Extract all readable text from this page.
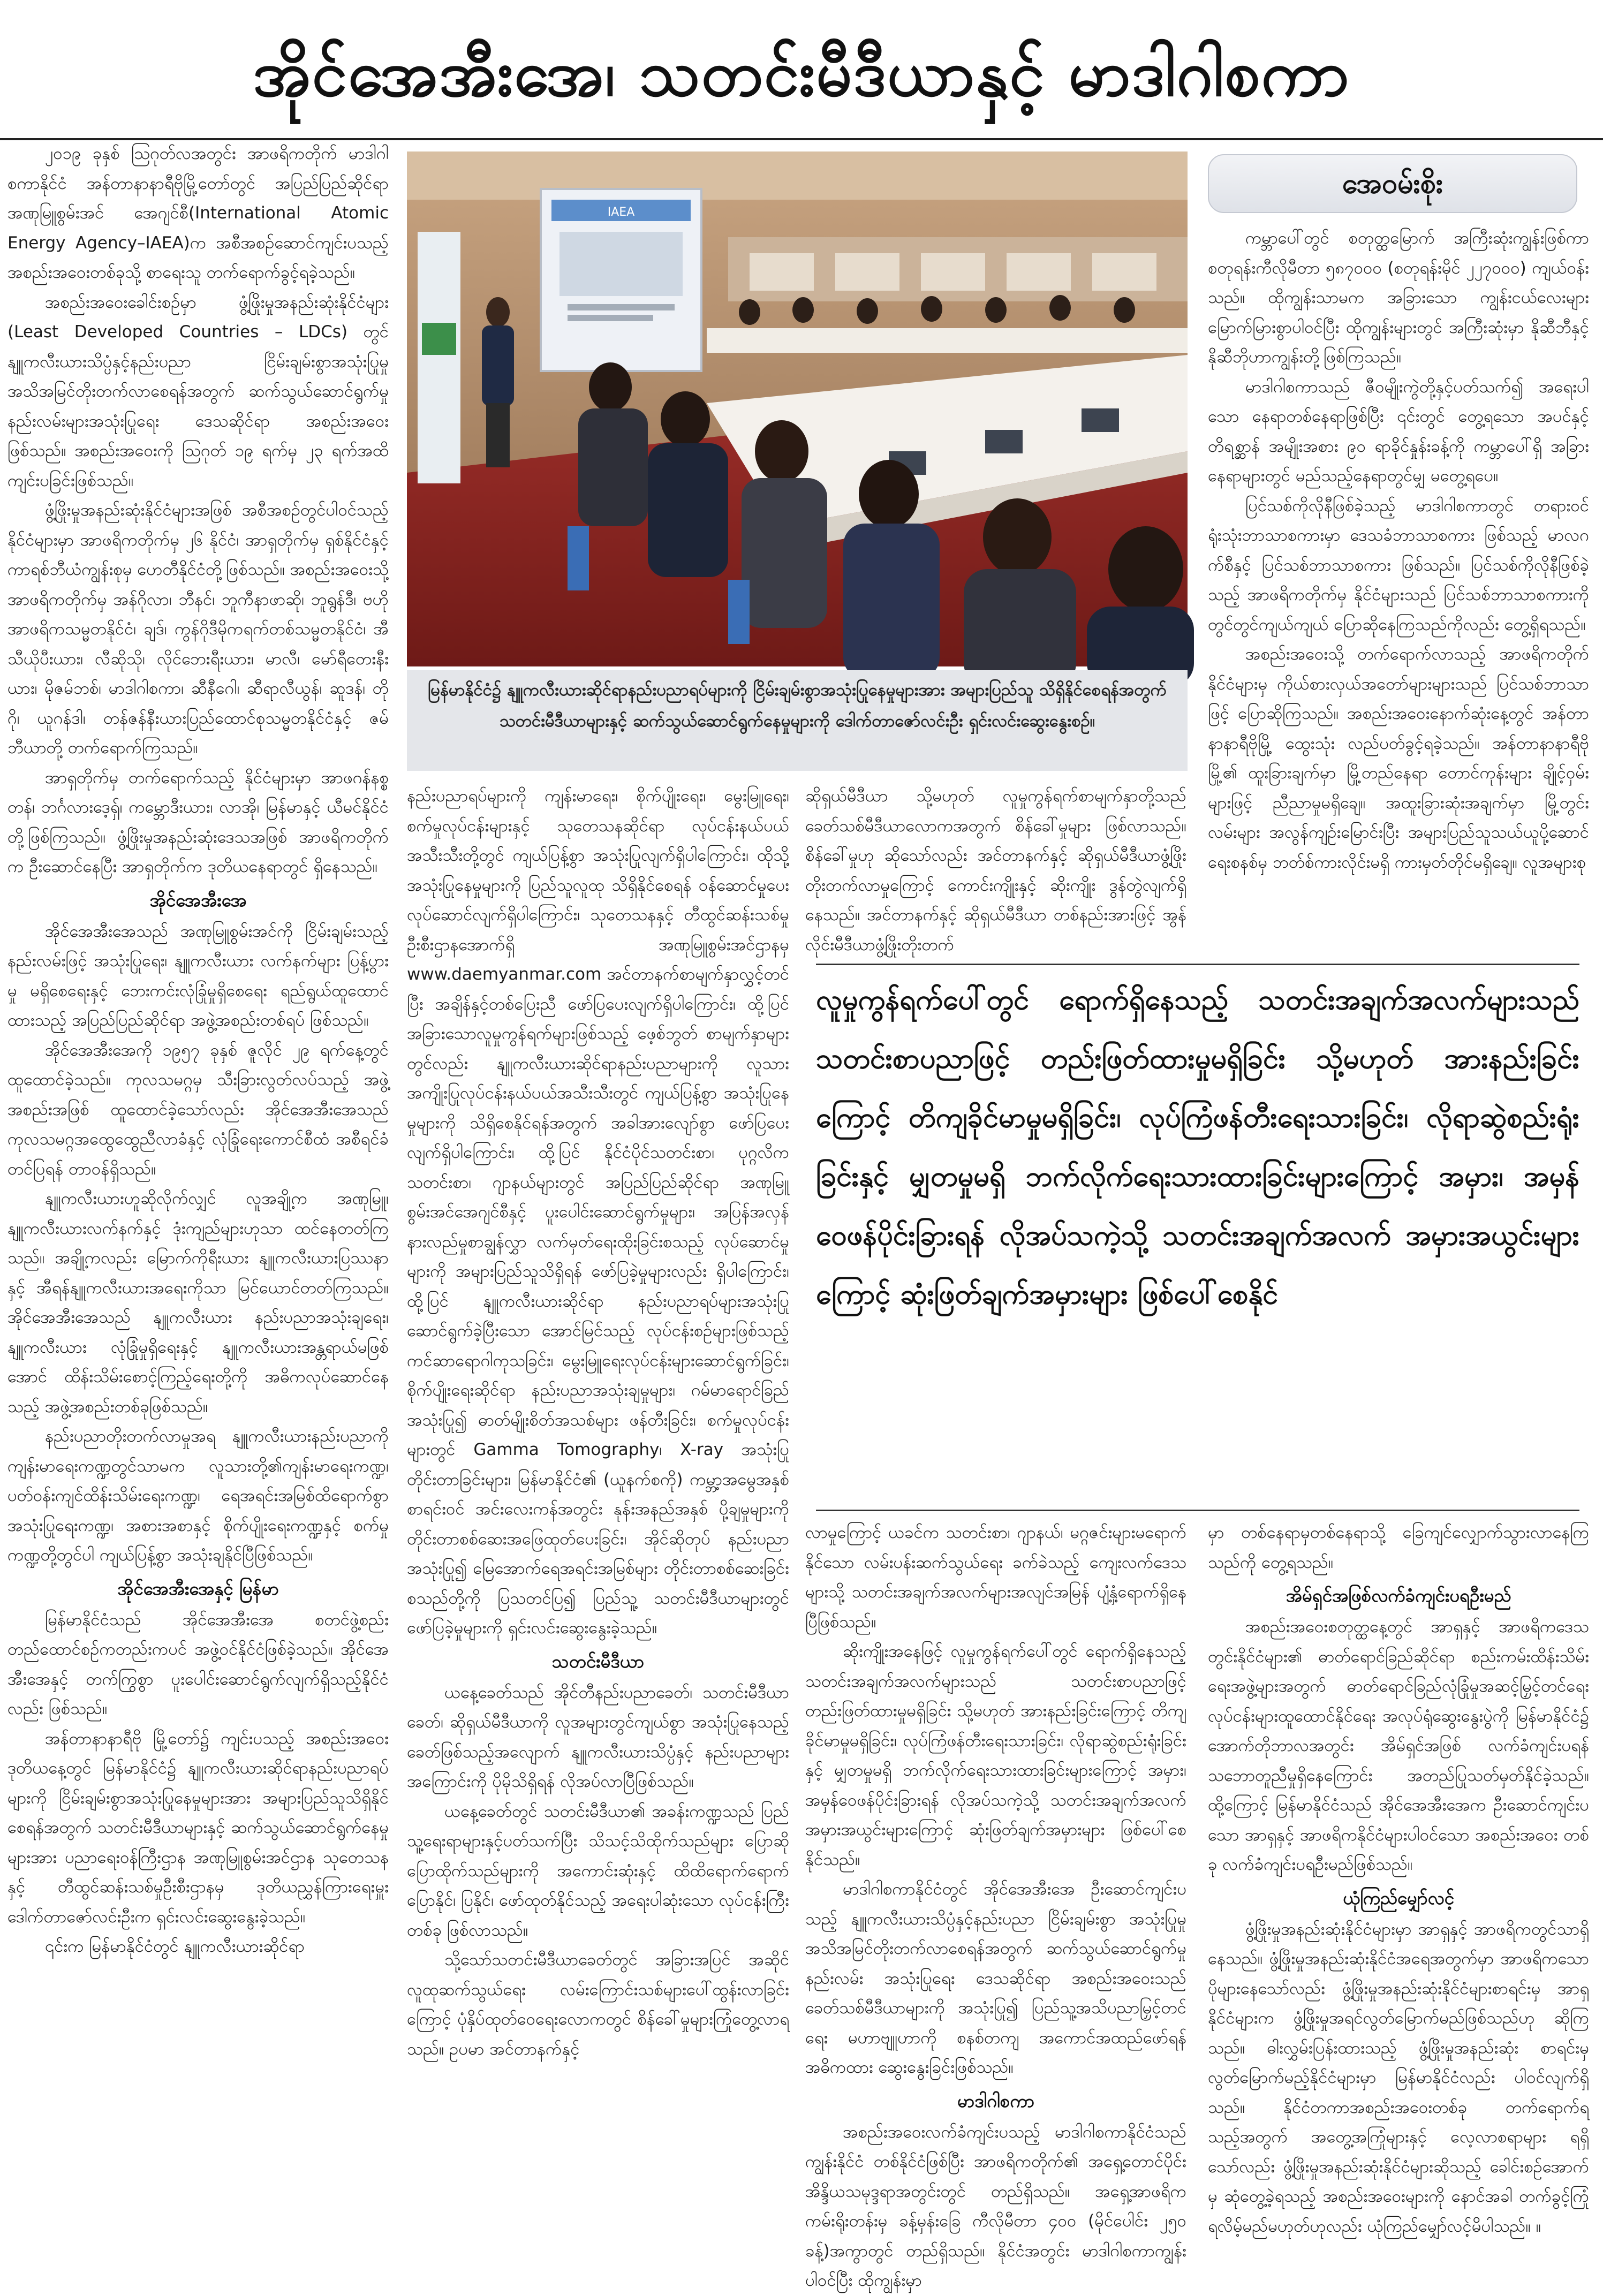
အိုင်အေအီးအေ၊ သတင်းမီဒီယာနှင့် မာဒါဂါစကာ

၂၀၁၉ ခုနှစ် ဩဂုတ်လအတွင်း အာဖရိကတိုက် မာဒါဂါစကာနိုင်ငံ အန်တာနာနာရီဗိုမြို့တော်တွင် အပြည်ပြည်ဆိုင်ရာ အဏုမြူစွမ်းအင် အေဂျင်စီ(International Atomic Energy Agency–IAEA)က အစီအစဉ်ဆောင်ကျင်းပသည့် အစည်းအဝေးတစ်ခုသို့ စာရေးသူ တက်ရောက်ခွင့်ရခဲ့သည်။

အစည်းအဝေးခေါင်းစဉ်မှာ ဖွံ့ဖြိုးမှုအနည်းဆုံးနိုင်ငံများ (Least Developed Countries – LDCs) တွင် နျူကလီးယားသိပ္ပံနှင့်နည်းပညာ ငြိမ်းချမ်းစွာအသုံးပြုမှု အသိအမြင်တိုးတက်လာစေရန်အတွက် ဆက်သွယ်ဆောင်ရွက်မှုနည်းလမ်းများအသုံးပြုရေး ဒေသဆိုင်ရာ အစည်းအဝေး ဖြစ်သည်။ အစည်းအဝေးကို ဩဂုတ် ၁၉ ရက်မှ ၂၃ ရက်အထိ ကျင်းပခြင်းဖြစ်သည်။

ဖွံ့ဖြိုးမှုအနည်းဆုံးနိုင်ငံများအဖြစ် အစီအစဉ်တွင်ပါဝင်သည့် နိုင်ငံများမှာ အာဖရိကတိုက်မှ ၂၆ နိုင်ငံ၊ အာရှတိုက်မှ ရှစ်နိုင်ငံနှင့် ကာရစ်ဘီယံကျွန်းစုမှ ဟေတီနိုင်ငံတို့ဖြစ်သည်။ အစည်းအဝေးသို့ အာဖရိကတိုက်မှ အန်ဂိုလာ၊ ဘီနင်၊ ဘူကီနာဖာဆို၊ ဘူရွန်ဒီ၊ ဗဟိုအာဖရိကသမ္မတနိုင်ငံ၊ ချဒ်၊ ကွန်ဂိုဒီမိုကရက်တစ်သမ္မတနိုင်ငံ၊ အီသီယိုပီးယား၊ လီဆိုသို၊ လိုင်ဘေးရီးယား၊ မာလီ၊ မော်ရီတေးနီးယား၊ မိုဇမ်ဘစ်၊ မာဒါဂါစကာ၊ ဆီနီဂေါ၊ ဆီရာလီယွန်၊ ဆူဒန်၊ တိုဂို၊ ယူဂန်ဒါ၊ တန်ဇန်နီးယားပြည်ထောင်စုသမ္မတနိုင်ငံနှင့် ဇမ်ဘီယာတို့ တက်ရောက်ကြသည်။

အာရှတိုက်မှ တက်ရောက်သည့် နိုင်ငံများမှာ အာဖဂန်နစ္စတန်၊ ဘင်္ဂလားဒေ့ရှ်၊ ကမ္ဘောဒီးယား၊ လာအို၊ မြန်မာနှင့် ယီမင်နိုင်ငံတို့ဖြစ်ကြသည်။ ဖွံ့ဖြိုးမှုအနည်းဆုံးဒေသအဖြစ် အာဖရိကတိုက်က ဦးဆောင်နေပြီး အာရှတိုက်က ဒုတိယနေရာတွင် ရှိနေသည်။

အိုင်အေအီးအေ

အိုင်အေအီးအေသည် အဏုမြူစွမ်းအင်ကို ငြိမ်းချမ်းသည့် နည်းလမ်းဖြင့် အသုံးပြုရေး၊ နျူကလီးယား လက်နက်များ ပြန့်ပွားမှု မရှိစေရေးနှင့် ဘေးကင်းလုံခြုံမှုရှိစေရေး ရည်ရွယ်ထူထောင်ထားသည့် အပြည်ပြည်ဆိုင်ရာ အဖွဲ့အစည်းတစ်ရပ် ဖြစ်သည်။

အိုင်အေအီးအေကို ၁၉၅၇ ခုနှစ် ဇူလိုင် ၂၉ ရက်နေ့တွင် ထူထောင်ခဲ့သည်။ ကုလသမဂ္ဂမှ သီးခြားလွတ်လပ်သည့် အဖွဲ့အစည်းအဖြစ် ထူထောင်ခဲ့သော်လည်း အိုင်အေအီးအေသည် ကုလသမဂ္ဂအထွေထွေညီလာခံနှင့် လုံခြုံရေးကောင်စီထံ အစီရင်ခံတင်ပြရန် တာဝန်ရှိသည်။

နျူကလီးယားဟူဆိုလိုက်လျှင် လူအချို့က အဏုမြူ၊ နျူကလီးယားလက်နက်နှင့် ဒုံးကျည်များဟုသာ ထင်နေတတ်ကြသည်။ အချို့ကလည်း မြောက်ကိုရီးယား နျူကလီးယားပြဿနာနှင့် အီရန်နျူကလီးယားအရေးကိုသာ မြင်ယောင်တတ်ကြသည်။ အိုင်အေအီးအေသည် နျူကလီးယား နည်းပညာအသုံးချရေး၊ နျူကလီးယား လုံခြုံမှုရှိရေးနှင့် နျူကလီးယားအန္တရာယ်မဖြစ်အောင် ထိန်းသိမ်းစောင့်ကြည့်ရေးတို့ကို အဓိကလုပ်ဆောင်နေသည့် အဖွဲ့အစည်းတစ်ခုဖြစ်သည်။

နည်းပညာတိုးတက်လာမှုအရ နျူကလီးယားနည်းပညာကို ကျန်းမာရေးကဏ္ဍတွင်သာမက လူသားတို့၏ကျန်းမာရေးကဏ္ဍ၊ ပတ်ဝန်းကျင်ထိန်းသိမ်းရေးကဏ္ဍ၊ ရေအရင်းအမြစ်ထိရောက်စွာ အသုံးပြုရေးကဏ္ဍ၊ အစားအစာနှင့် စိုက်ပျိုးရေးကဏ္ဍနှင့် စက်မှုကဏ္ဍတို့တွင်ပါ ကျယ်ပြန့်စွာ အသုံးချနိုင်ပြီဖြစ်သည်။

အိုင်အေအီးအေနှင့် မြန်မာ

မြန်မာနိုင်ငံသည် အိုင်အေအီးအေ စတင်ဖွဲ့စည်းတည်ထောင်စဉ်ကတည်းကပင် အဖွဲ့ဝင်နိုင်ငံဖြစ်ခဲ့သည်။ အိုင်အေအီးအေနှင့် တက်ကြွစွာ ပူးပေါင်းဆောင်ရွက်လျက်ရှိသည့်နိုင်ငံလည်း ဖြစ်သည်။

အန်တာနာနာရီဗို မြို့တော်၌ ကျင်းပသည့် အစည်းအဝေးဒုတိယနေ့တွင် မြန်မာနိုင်ငံ၌ နျူကလီးယားဆိုင်ရာနည်းပညာရပ်များကို ငြိမ်းချမ်းစွာအသုံးပြုနေမှုများအား အများပြည်သူသိရှိနိုင်စေရန်အတွက် သတင်းမီဒီယာများနှင့် ဆက်သွယ်ဆောင်ရွက်နေမှုများအား ပညာရေးဝန်ကြီးဌာန အဏုမြူစွမ်းအင်ဌာန သုတေသနနှင့် တီထွင်ဆန်းသစ်မှုဦးစီးဌာနမှ ဒုတိယညွှန်ကြားရေးမှူး ဒေါက်တာဇော်လင်းဦးက ရှင်းလင်းဆွေးနွေးခဲ့သည်။

၎င်းက မြန်မာနိုင်ငံတွင် နျူကလီးယားဆိုင်ရာ

IAEA
မြန်မာနိုင်ငံ၌ နျူကလီးယားဆိုင်ရာနည်းပညာရပ်များကို ငြိမ်းချမ်းစွာအသုံးပြုနေမှုများအား အများပြည်သူ သိရှိနိုင်စေရန်အတွက် သတင်းမီဒီယာများနှင့် ဆက်သွယ်ဆောင်ရွက်နေမှုများကို ဒေါက်တာဇော်လင်းဦး ရှင်းလင်းဆွေးနွေးစဉ်။
အေဝမ်းစိုး

နည်းပညာရပ်များကို ကျန်းမာရေး၊ စိုက်ပျိုးရေး၊ မွေးမြူရေး၊ စက်မှုလုပ်ငန်းများနှင့် သုတေသနဆိုင်ရာ လုပ်ငန်းနယ်ပယ်အသီးသီးတို့တွင် ကျယ်ပြန့်စွာ အသုံးပြုလျက်ရှိပါကြောင်း၊ ထိုသို့အသုံးပြုနေမှုများကို ပြည်သူလူထု သိရှိနိုင်စေရန် ဝန်ဆောင်မှုပေးလုပ်ဆောင်လျက်ရှိပါကြောင်း၊ သုတေသနနှင့် တီထွင်ဆန်းသစ်မှု ဦးစီးဌာနအောက်ရှိ အဏုမြူစွမ်းအင်ဌာနမှ www.daemyanmar.com အင်တာနက်စာမျက်နှာလွှင့်တင်ပြီး အချိန်နှင့်တစ်ပြေးညီ ဖော်ပြပေးလျက်ရှိပါကြောင်း၊ ထို့ပြင် အခြားသောလူမှုကွန်ရက်များဖြစ်သည့် ဖေ့စ်ဘွတ် စာမျက်နှာများတွင်လည်း နျူကလီးယားဆိုင်ရာနည်းပညာများကို လူသားအကျိုးပြုလုပ်ငန်းနယ်ပယ်အသီးသီးတွင် ကျယ်ပြန့်စွာ အသုံးပြုနေမှုများကို သိရှိစေနိုင်ရန်အတွက် အခါအားလျော်စွာ ဖော်ပြပေးလျက်ရှိပါကြောင်း၊ ထို့ပြင် နိုင်ငံပိုင်သတင်းစာ၊ ပုဂ္ဂလိက သတင်းစာ၊ ဂျာနယ်များတွင် အပြည်ပြည်ဆိုင်ရာ အဏုမြူစွမ်းအင်အေဂျင်စီနှင့် ပူးပေါင်းဆောင်ရွက်မှုများ၊ အပြန်အလှန်နားလည်မှုစာချွန်လွှာ လက်မှတ်ရေးထိုးခြင်းစသည့် လုပ်ဆောင်မှုများကို အများပြည်သူသိရှိရန် ဖော်ပြခဲ့မှုများလည်း ရှိပါကြောင်း၊ ထို့ပြင် နျူကလီးယားဆိုင်ရာ နည်းပညာရပ်များအသုံးပြုဆောင်ရွက်ခဲ့ပြီးသော အောင်မြင်သည့် လုပ်ငန်းစဉ်များဖြစ်သည့် ကင်ဆာရောဂါကုသခြင်း၊ မွေးမြူရေးလုပ်ငန်းများဆောင်ရွက်ခြင်း၊ စိုက်ပျိုးရေးဆိုင်ရာ နည်းပညာအသုံးချမှုများ၊ ဂမ်မာရောင်ခြည်အသုံးပြု၍ ဓာတ်မျိုးစိတ်အသစ်များ ဖန်တီးခြင်း၊ စက်မှုလုပ်ငန်းများတွင် Gamma Tomography၊ X-ray အသုံးပြုတိုင်းတာခြင်းများ၊ မြန်မာနိုင်ငံ၏ (ယူနက်စကို) ကမ္ဘာ့အမွေအနှစ်စာရင်းဝင် အင်းလေးကန်အတွင်း နုန်းအနည်အနှစ် ပို့ချမှုများကို တိုင်းတာစစ်ဆေးအဖြေထုတ်ပေးခြင်း၊ အိုင်ဆိုတုပ် နည်းပညာအသုံးပြု၍ မြေအောက်ရေအရင်းအမြစ်များ တိုင်းတာစစ်ဆေးခြင်း စသည်တို့ကို ပြသတင်ပြ၍ ပြည်သူ့ သတင်းမီဒီယာများတွင် ဖော်ပြခဲ့မှုများကို ရှင်းလင်းဆွေးနွေးခဲ့သည်။

သတင်းမီဒီယာ

ယနေ့ခေတ်သည် အိုင်တီနည်းပညာခေတ်၊ သတင်းမီဒီယာခေတ်၊ ဆိုရှယ်မီဒီယာကို လူအများတွင်ကျယ်စွာ အသုံးပြုနေသည့် ခေတ်ဖြစ်သည့်အလျောက် နျူကလီးယားသိပ္ပံနှင့် နည်းပညာများအကြောင်းကို ပိုမိုသိရှိရန် လိုအပ်လာပြီဖြစ်သည်။

ယနေ့ခေတ်တွင် သတင်းမီဒီယာ၏ အခန်းကဏ္ဍသည် ပြည်သူ့ရေးရာများနှင့်ပတ်သက်ပြီး သိသင့်သိထိုက်သည်များ ပြောဆိုပြောထိုက်သည်များကို အကောင်းဆုံးနှင့် ထိထိရောက်ရောက်ပြောနိုင်၊ ပြနိုင်၊ ဖော်ထုတ်နိုင်သည့် အရေးပါဆုံးသော လုပ်ငန်းကြီးတစ်ခု ဖြစ်လာသည်။

သို့သော်သတင်းမီဒီယာခေတ်တွင် အခြားအပြင် အဆိုင် လူထုဆက်သွယ်ရေး လမ်းကြောင်းသစ်များပေါ်ထွန်းလာခြင်းကြောင့် ပုံနှိပ်ထုတ်ဝေရေးလောကတွင် စိန်ခေါ်မှုများကြုံတွေ့လာရသည်။ ဥပမာ အင်တာနက်နှင့်

ဆိုရှယ်မီဒီယာ သို့မဟုတ် လူမှုကွန်ရက်စာမျက်နှာတို့သည် ခေတ်သစ်မီဒီယာလောကအတွက် စိန်ခေါ်မှုများ ဖြစ်လာသည်။ စိန်ခေါ်မှုဟု ဆိုသော်လည်း အင်တာနက်နှင့် ဆိုရှယ်မီဒီယာဖွံ့ဖြိုးတိုးတက်လာမှုကြောင့် ကောင်းကျိုးနှင့် ဆိုးကျိုး ဒွန်တွဲလျက်ရှိနေသည်။ အင်တာနက်နှင့် ဆိုရှယ်မီဒီယာ တစ်နည်းအားဖြင့် အွန်လိုင်းမီဒီယာဖွံ့ဖြိုးတိုးတက်

လူမှုကွန်ရက်ပေါ်တွင် ရောက်ရှိနေသည့် သတင်းအချက်အလက်များသည် သတင်းစာပညာဖြင့် တည်းဖြတ်ထားမှုမရှိခြင်း သို့မဟုတ် အားနည်းခြင်းကြောင့် တိကျခိုင်မာမှုမရှိခြင်း၊ လုပ်ကြံဖန်တီးရေးသားခြင်း၊ လိုရာဆွဲစည်းရုံးခြင်းနှင့် မျှတမှုမရှိ ဘက်လိုက်ရေးသားထားခြင်းများကြောင့် အမှား၊ အမှန်ဝေဖန်ပိုင်းခြားရန် လိုအပ်သကဲ့သို့ သတင်းအချက်အလက် အမှားအယွင်းများကြောင့် ဆုံးဖြတ်ချက်အမှားများ ဖြစ်ပေါ်စေနိုင်

လာမှုကြောင့် ယခင်က သတင်းစာ၊ ဂျာနယ်၊ မဂ္ဂဇင်းများမရောက်နိုင်သော လမ်းပန်းဆက်သွယ်ရေး ခက်ခဲသည့် ကျေးလက်ဒေသများသို့ သတင်းအချက်အလက်များအလျင်အမြန် ပျံ့နှံ့ရောက်ရှိနေပြီဖြစ်သည်။

ဆိုးကျိုးအနေဖြင့် လူမှုကွန်ရက်ပေါ်တွင် ရောက်ရှိနေသည့် သတင်းအချက်အလက်များသည် သတင်းစာပညာဖြင့် တည်းဖြတ်ထားမှုမရှိခြင်း သို့မဟုတ် အားနည်းခြင်းကြောင့် တိကျခိုင်မာမှုမရှိခြင်း၊ လုပ်ကြံဖန်တီးရေးသားခြင်း၊ လိုရာဆွဲစည်းရုံးခြင်းနှင့် မျှတမှုမရှိ ဘက်လိုက်ရေးသားထားခြင်းများကြောင့် အမှား၊ အမှန်ဝေဖန်ပိုင်းခြားရန် လိုအပ်သကဲ့သို့ သတင်းအချက်အလက် အမှားအယွင်းများကြောင့် ဆုံးဖြတ်ချက်အမှားများ ဖြစ်ပေါ်စေနိုင်သည်။

မာဒါဂါစကာနိုင်ငံတွင် အိုင်အေအီးအေ ဦးဆောင်ကျင်းပသည့် နျူကလီးယားသိပ္ပံနှင့်နည်းပညာ ငြိမ်းချမ်းစွာ အသုံးပြုမှု အသိအမြင်တိုးတက်လာစေရန်အတွက် ဆက်သွယ်ဆောင်ရွက်မှုနည်းလမ်း အသုံးပြုရေး ဒေသဆိုင်ရာ အစည်းအဝေးသည် ခေတ်သစ်မီဒီယာများကို အသုံးပြု၍ ပြည်သူ့အသိပညာမြှင့်တင်ရေး မဟာဗျူဟာကို စနစ်တကျ အကောင်အထည်ဖော်ရန် အဓိကထား ဆွေးနွေးခြင်းဖြစ်သည်။

မာဒါဂါစကာ

အစည်းအဝေးလက်ခံကျင်းပသည့် မာဒါဂါစကာနိုင်ငံသည် ကျွန်းနိုင်ငံ တစ်နိုင်ငံဖြစ်ပြီး အာဖရိကတိုက်၏ အရှေ့တောင်ပိုင်း အိန္ဒိယသမုဒ္ဒရာအတွင်းတွင် တည်ရှိသည်။ အရှေ့အာဖရိကကမ်းရိုးတန်းမှ ခန့်မှန်းခြေ ကီလိုမီတာ ၄၀၀ (မိုင်ပေါင်း ၂၅၀ ခန့်)အကွာတွင် တည်ရှိသည်။ နိုင်ငံအတွင်း မာဒါဂါစကာကျွန်းပါဝင်ပြီး ထိုကျွန်းမှာ

ကမ္ဘာပေါ်တွင် စတုတ္ထမြောက် အကြီးဆုံးကျွန်းဖြစ်ကာ စတုရန်းကီလိုမီတာ ၅၈၇၀၀၀ (စတုရန်းမိုင် ၂၂၇၀၀၀) ကျယ်ဝန်းသည်။ ထိုကျွန်းသာမက အခြားသော ကျွန်းငယ်လေးများ မြောက်မြားစွာပါဝင်ပြီး ထိုကျွန်းများတွင် အကြီးဆုံးမှာ နိုဆီဘီနှင့် နိုဆီဘိုဟာကျွန်းတို့ဖြစ်ကြသည်။

မာဒါဂါစကာသည် ဇီဝမျိုးကွဲတို့နှင့်ပတ်သက်၍ အရေးပါသော နေရာတစ်နေရာဖြစ်ပြီး ၎င်းတွင် တွေ့ရသော အပင်နှင့် တိရစ္ဆာန် အမျိုးအစား ၉၀ ရာခိုင်နှုန်းခန့်ကို ကမ္ဘာပေါ်ရှိ အခြားနေရာများတွင် မည်သည့်နေရာတွင်မျှ မတွေ့ရပေ။

ပြင်သစ်ကိုလိုနီဖြစ်ခဲ့သည့် မာဒါဂါစကာတွင် တရားဝင်ရုံးသုံးဘာသာစကားမှာ ဒေသခံဘာသာစကား ဖြစ်သည့် မာလဂက်စီနှင့် ပြင်သစ်ဘာသာစကား ဖြစ်သည်။ ပြင်သစ်ကိုလိုနီဖြစ်ခဲ့သည့် အာဖရိကတိုက်မှ နိုင်ငံများသည် ပြင်သစ်ဘာသာစကားကို တွင်တွင်ကျယ်ကျယ် ပြောဆိုနေကြသည်ကိုလည်း တွေ့ရှိရသည်။

အစည်းအဝေးသို့ တက်ရောက်လာသည့် အာဖရိကတိုက်နိုင်ငံများမှ ကိုယ်စားလှယ်အတော်များများသည် ပြင်သစ်ဘာသာဖြင့် ပြောဆိုကြသည်။ အစည်းအဝေးနောက်ဆုံးနေ့တွင် အန်တာနာနာရီဗိုမြို့ ထွေးသုံး လည်ပတ်ခွင့်ရခဲ့သည်။ အန်တာနာနာရီဗိုမြို့၏ ထူးခြားချက်မှာ မြို့တည်နေရာ တောင်ကုန်းများ ချိုင့်ဝှမ်းများဖြင့် ညီညာမှုမရှိချေ။ အထူးခြားဆုံးအချက်မှာ မြို့တွင်းလမ်းများ အလွန်ကျဉ်းမြောင်းပြီး အများပြည်သူသယ်ယူပို့ဆောင်ရေးစနစ်မှ ဘတ်စ်ကားလိုင်းမရှိ ကားမှတ်တိုင်မရှိချေ။ လူအများစု

မှာ တစ်နေရာမှတစ်နေရာသို့ ခြေကျင်လျှောက်သွားလာနေကြသည်ကို တွေ့ရသည်။

အိမ်ရှင်အဖြစ်လက်ခံကျင်းပရဦးမည်

အစည်းအဝေးစတုတ္ထနေ့တွင် အာရှနှင့် အာဖရိကဒေသတွင်းနိုင်ငံများ၏ ဓာတ်ရောင်ခြည်ဆိုင်ရာ စည်းကမ်းထိန်းသိမ်းရေးအဖွဲ့များအတွက် ဓာတ်ရောင်ခြည်လုံခြုံမှုအဆင့်မြှင့်တင်ရေးလုပ်ငန်းများထူထောင်နိုင်ရေး အလုပ်ရုံဆွေးနွေးပွဲကို မြန်မာနိုင်ငံ၌ အောက်တိုဘာလအတွင်း အိမ်ရှင်အဖြစ် လက်ခံကျင်းပရန် သဘောတူညီမှုရှိနေကြောင်း အတည်ပြုသတ်မှတ်နိုင်ခဲ့သည်။ ထို့ကြောင့် မြန်မာနိုင်ငံသည် အိုင်အေအီးအေက ဦးဆောင်ကျင်းပသော အာရှနှင့် အာဖရိကနိုင်ငံများပါဝင်သော အစည်းအဝေး တစ်ခု လက်ခံကျင်းပရဦးမည်ဖြစ်သည်။

ယုံကြည်မျှော်လင့်

ဖွံ့ဖြိုးမှုအနည်းဆုံးနိုင်ငံများမှာ အာရှနှင့် အာဖရိကတွင်သာရှိနေသည်။ ဖွံ့ဖြိုးမှုအနည်းဆုံးနိုင်ငံအရေအတွက်မှာ အာဖရိကသော ပိုများနေသော်လည်း ဖွံ့ဖြိုးမှုအနည်းဆုံးနိုင်ငံများစာရင်းမှ အာရှနိုင်ငံများက ဖွံ့ဖြိုးမှုအရင်လွတ်မြောက်မည်ဖြစ်သည်ဟု ဆိုကြသည်။ ဓါးလွှမ်းပြန်းထားသည့် ဖွံ့ဖြိုးမှုအနည်းဆုံး စာရင်းမှ လွတ်မြောက်မည့်နိုင်ငံများမှာ မြန်မာနိုင်ငံလည်း ပါဝင်လျက်ရှိသည်။ နိုင်ငံတကာအစည်းအဝေးတစ်ခု တက်ရောက်ရသည့်အတွက် အတွေ့အကြုံများနှင့် လေ့လာစရာများ ရရှိသော်လည်း ဖွံ့ဖြိုးမှုအနည်းဆုံးနိုင်ငံများဆိုသည့် ခေါင်းစဉ်အောက်မှ ဆုံတွေ့ခဲ့ရသည့် အစည်းအဝေးများကို နောင်အခါ တက်ခွင့်ကြုံရလိမ့်မည်မဟုတ်ဟုလည်း ယုံကြည်မျှော်လင့်မိပါသည်။ ။
